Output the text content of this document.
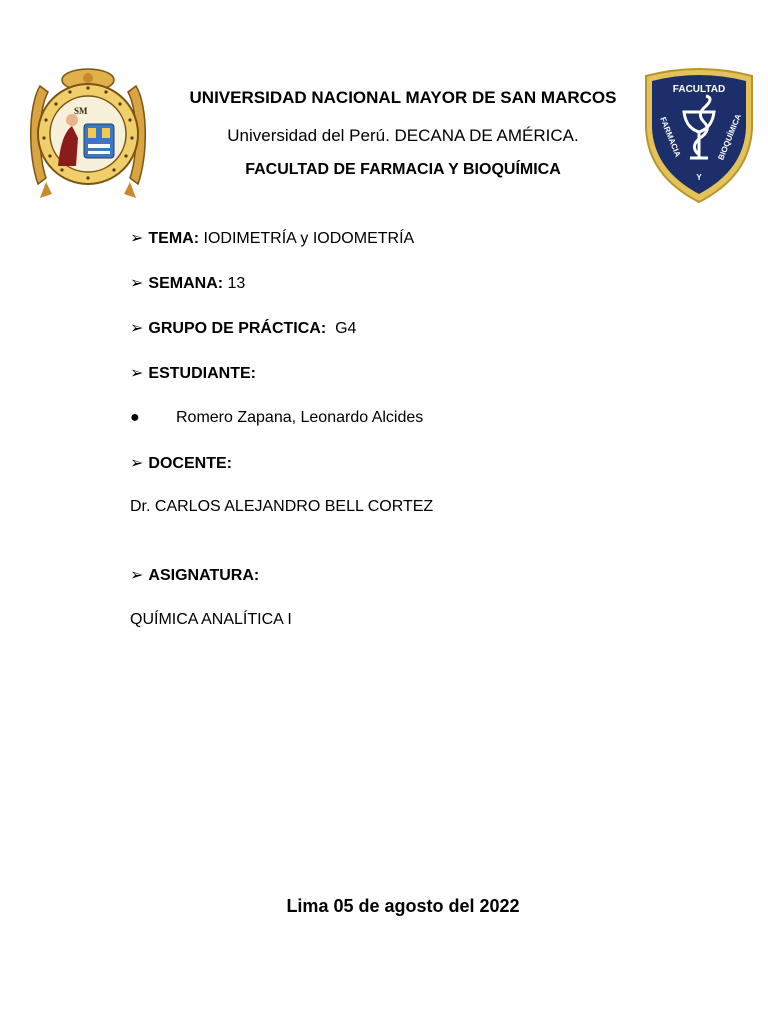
SM
FACULTAD
FARMACIA	BIOQUÍMICA
Y
UNIVERSIDAD NACIONAL MAYOR DE SAN MARCOS
Universidad del Perú. DECANA DE AMÉRICA.
FACULTAD DE FARMACIA Y BIOQUÍMICA
➢ TEMA: IODIMETRÍA y IODOMETRÍA
➢ SEMANA: 13
➢ GRUPO DE PRÁCTICA:  G4
➢ ESTUDIANTE:
● Romero Zapana, Leonardo Alcides
➢ DOCENTE:
Dr. CARLOS ALEJANDRO BELL CORTEZ
➢ ASIGNATURA:
QUÍMICA ANALÍTICA I
Lima 05 de agosto del 2022
